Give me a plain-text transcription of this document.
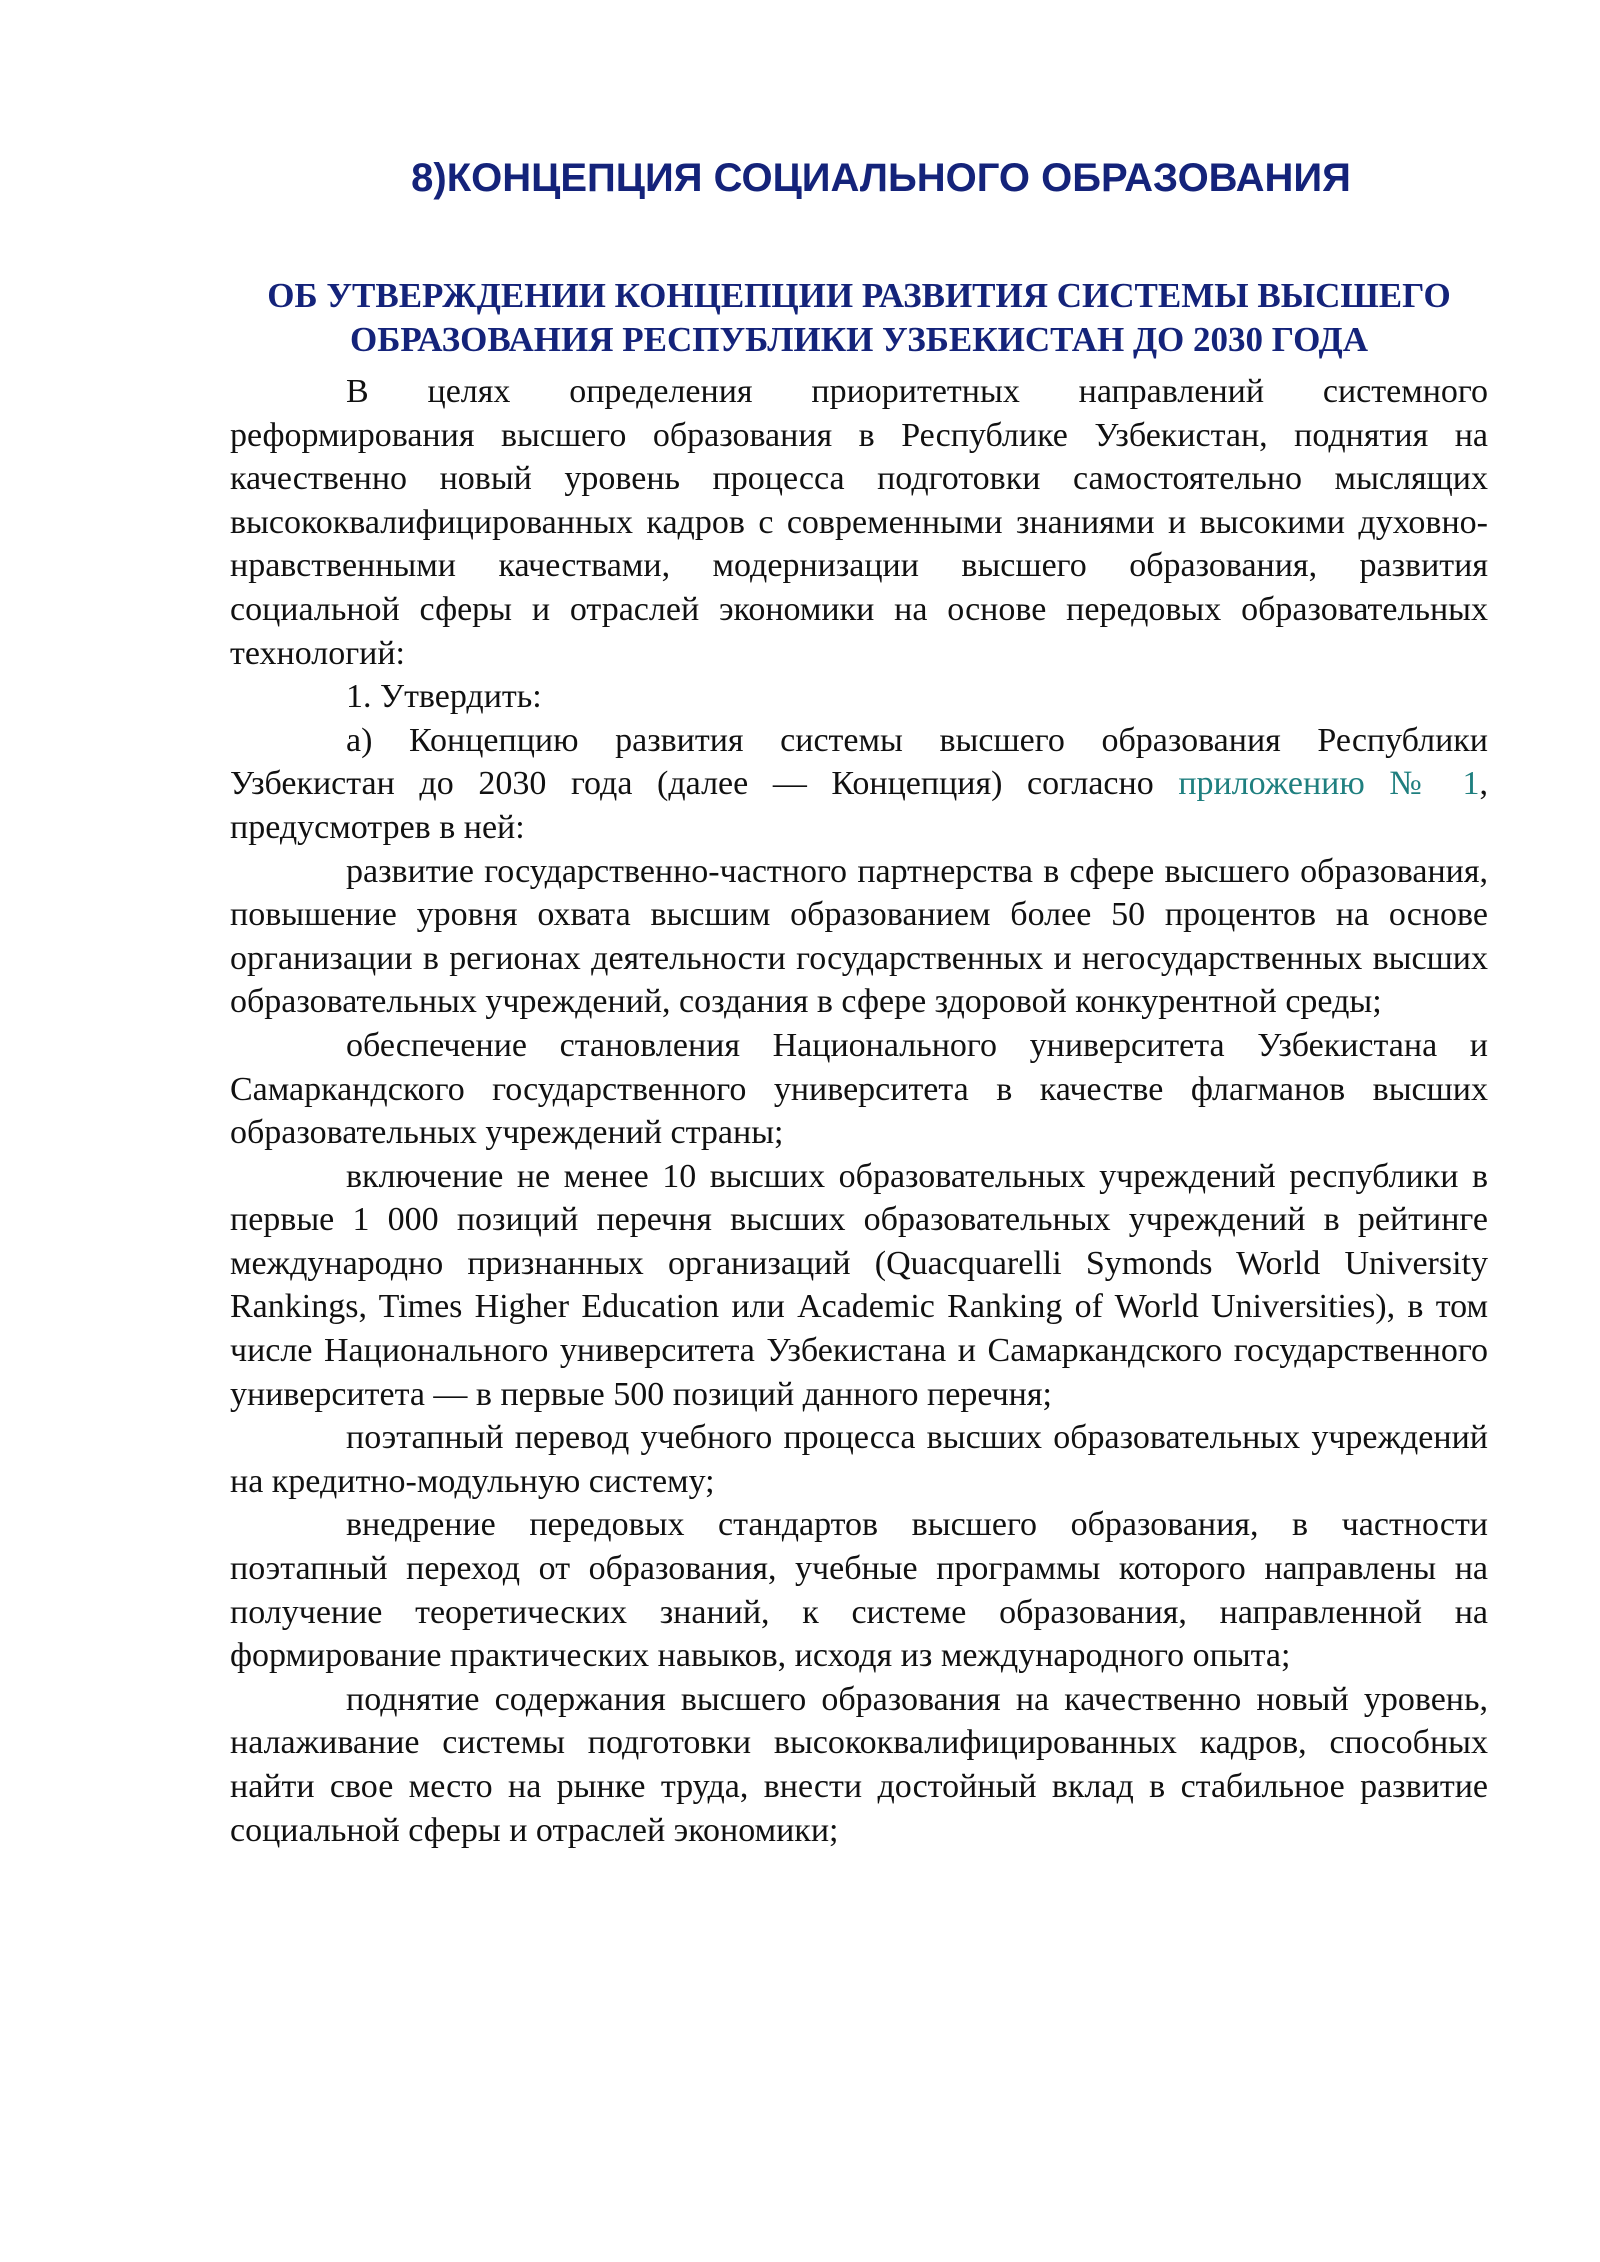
8)КОНЦЕПЦИЯ СОЦИАЛЬНОГО ОБРАЗОВАНИЯ
ОБ УТВЕРЖДЕНИИ КОНЦЕПЦИИ РАЗВИТИЯ СИСТЕМЫ ВЫСШЕГО ОБРАЗОВАНИЯ РЕСПУБЛИКИ УЗБЕКИСТАН ДО 2030 ГОДА

В целях определения приоритетных направлений системного реформирования высшего образования в Республике Узбекистан, поднятия на качественно новый уровень процесса подготовки самостоятельно мыслящих высококвалифицированных кадров с современными знаниями и высокими духовно-нравственными качествами, модернизации высшего образования, развития социальной сферы и отраслей экономики на основе передовых образовательных технологий:

1. Утвердить:

а) Концепцию развития системы высшего образования Республики Узбекистан до 2030 года (далее — Концепция) согласно приложению № 1, предусмотрев в ней:

развитие государственно-частного партнерства в сфере высшего образования, повышение уровня охвата высшим образованием более 50 процентов на основе организации в регионах деятельности государственных и негосударственных высших образовательных учреждений, создания в сфере здоровой конкурентной среды;

обеспечение становления Национального университета Узбекистана и Самаркандского государственного университета в качестве флагманов высших образовательных учреждений страны;

включение не менее 10 высших образовательных учреждений республики в первые 1 000 позиций перечня высших образовательных учреждений в рейтинге международно признанных организаций (Quacquarelli Symonds World University Rankings, Times Higher Education или Academic Ranking of World Universities), в том числе Национального университета Узбекистана и Самаркандского государственного университета — в первые 500 позиций данного перечня;

поэтапный перевод учебного процесса высших образовательных учреждений на кредитно-модульную систему;

внедрение передовых стандартов высшего образования, в частности поэтапный переход от образования, учебные программы которого направлены на получение теоретических знаний, к системе образования, направленной на формирование практических навыков, исходя из международного опыта;

поднятие содержания высшего образования на качественно новый уровень, налаживание системы подготовки высококвалифицированных кадров, способных найти свое место на рынке труда, внести достойный вклад в стабильное развитие социальной сферы и отраслей экономики;
